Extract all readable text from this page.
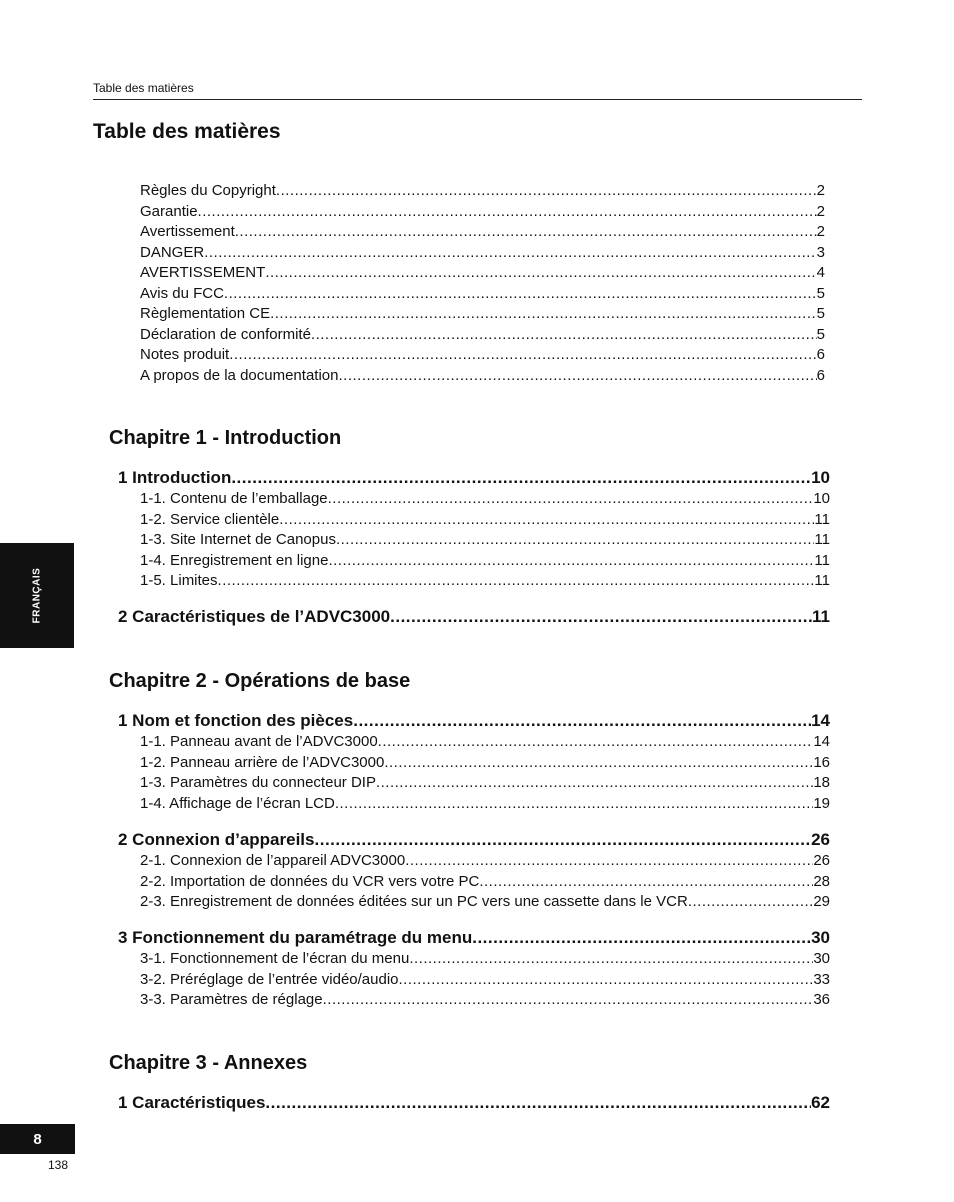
Table des matières
Table des matières
Règles du Copyright .....	2
Garantie .....	2
Avertissement .....	2
DANGER .....	3
AVERTISSEMENT .....	4
Avis du FCC .....	5
Règlementation CE .....	5
Déclaration de conformité .....	5
Notes produit .....	6
A propos de la documentation .....	6
Chapitre 1 - Introduction
1 Introduction .....	10
1-1. Contenu de l’emballage .....	10
1-2. Service clientèle .....	11
1-3. Site Internet de Canopus .....	11
1-4. Enregistrement en ligne .....	11
1-5. Limites .....	11
2 Caractéristiques de l’ADVC3000 .....	11
Chapitre 2 - Opérations de base
1 Nom et fonction des pièces .....	14
1-1. Panneau avant de l’ADVC3000 .....	14
1-2. Panneau arrière de l’ADVC3000 .....	16
1-3. Paramètres du connecteur DIP .....	18
1-4. Affichage de l’écran LCD .....	19
2 Connexion d’appareils .....	26
2-1. Connexion de l’appareil ADVC3000 .....	26
2-2. Importation de données du VCR vers votre PC .....	28
2-3. Enregistrement de données éditées sur un PC vers une cassette dans le VCR .....	29
3 Fonctionnement du paramétrage du menu .....	30
3-1. Fonctionnement de l’écran du menu .....	30
3-2. Préréglage de l’entrée vidéo/audio .....	33
3-3. Paramètres de réglage .....	36
Chapitre 3 - Annexes
1 Caractéristiques .....	62
FRANÇAIS
8
138
